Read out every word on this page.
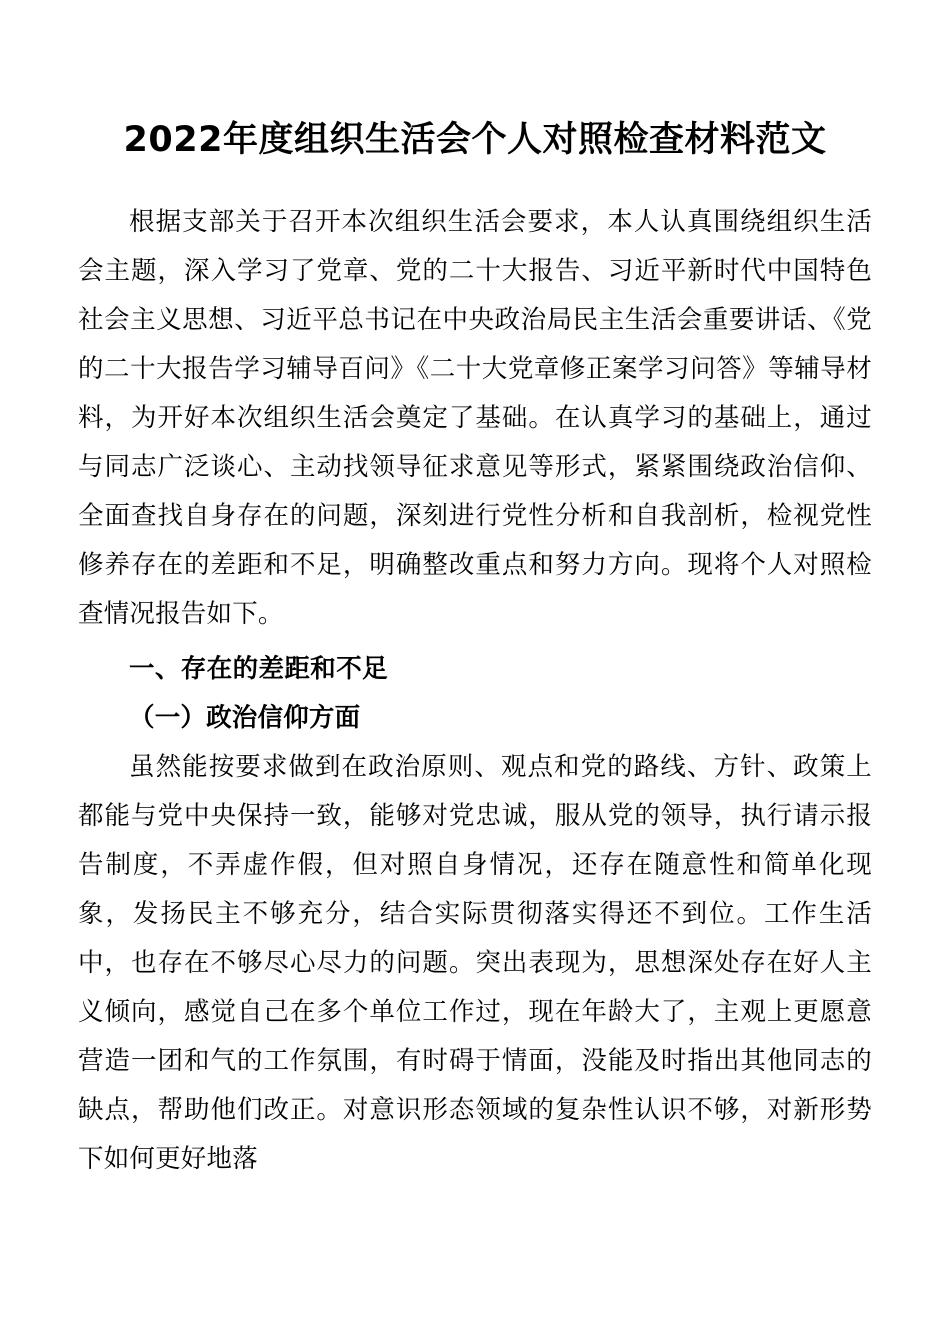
2022年度组织生活会个人对照检查材料范文

根据支部关于召开本次组织生活会要求，本人认真围绕组织生活会主题，深入学习了党章、党的二十大报告、习近平新时代中国特色社会主义思想、习近平总书记在中央政治局民主生活会重要讲话、《党的二十大报告学习辅导百问》《二十大党章修正案学习问答》等辅导材料，为开好本次组织生活会奠定了基础。在认真学习的基础上，通过与同志广泛谈心、主动找领导征求意见等形式，紧紧围绕政治信仰、全面查找自身存在的问题，深刻进行党性分析和自我剖析，检视党性修养存在的差距和不足，明确整改重点和努力方向。现将个人对照检查情况报告如下。

一、存在的差距和不足
（一）政治信仰方面

虽然能按要求做到在政治原则、观点和党的路线、方针、政策上都能与党中央保持一致，能够对党忠诚，服从党的领导，执行请示报告制度，不弄虚作假，但对照自身情况，还存在随意性和简单化现象，发扬民主不够充分，结合实际贯彻落实得还不到位。工作生活中，也存在不够尽心尽力的问题。突出表现为，思想深处存在好人主义倾向，感觉自己在多个单位工作过，现在年龄大了，主观上更愿意营造一团和气的工作氛围，有时碍于情面，没能及时指出其他同志的缺点，帮助他们改正。对意识形态领域的复杂性认识不够，对新形势下如何更好地落
